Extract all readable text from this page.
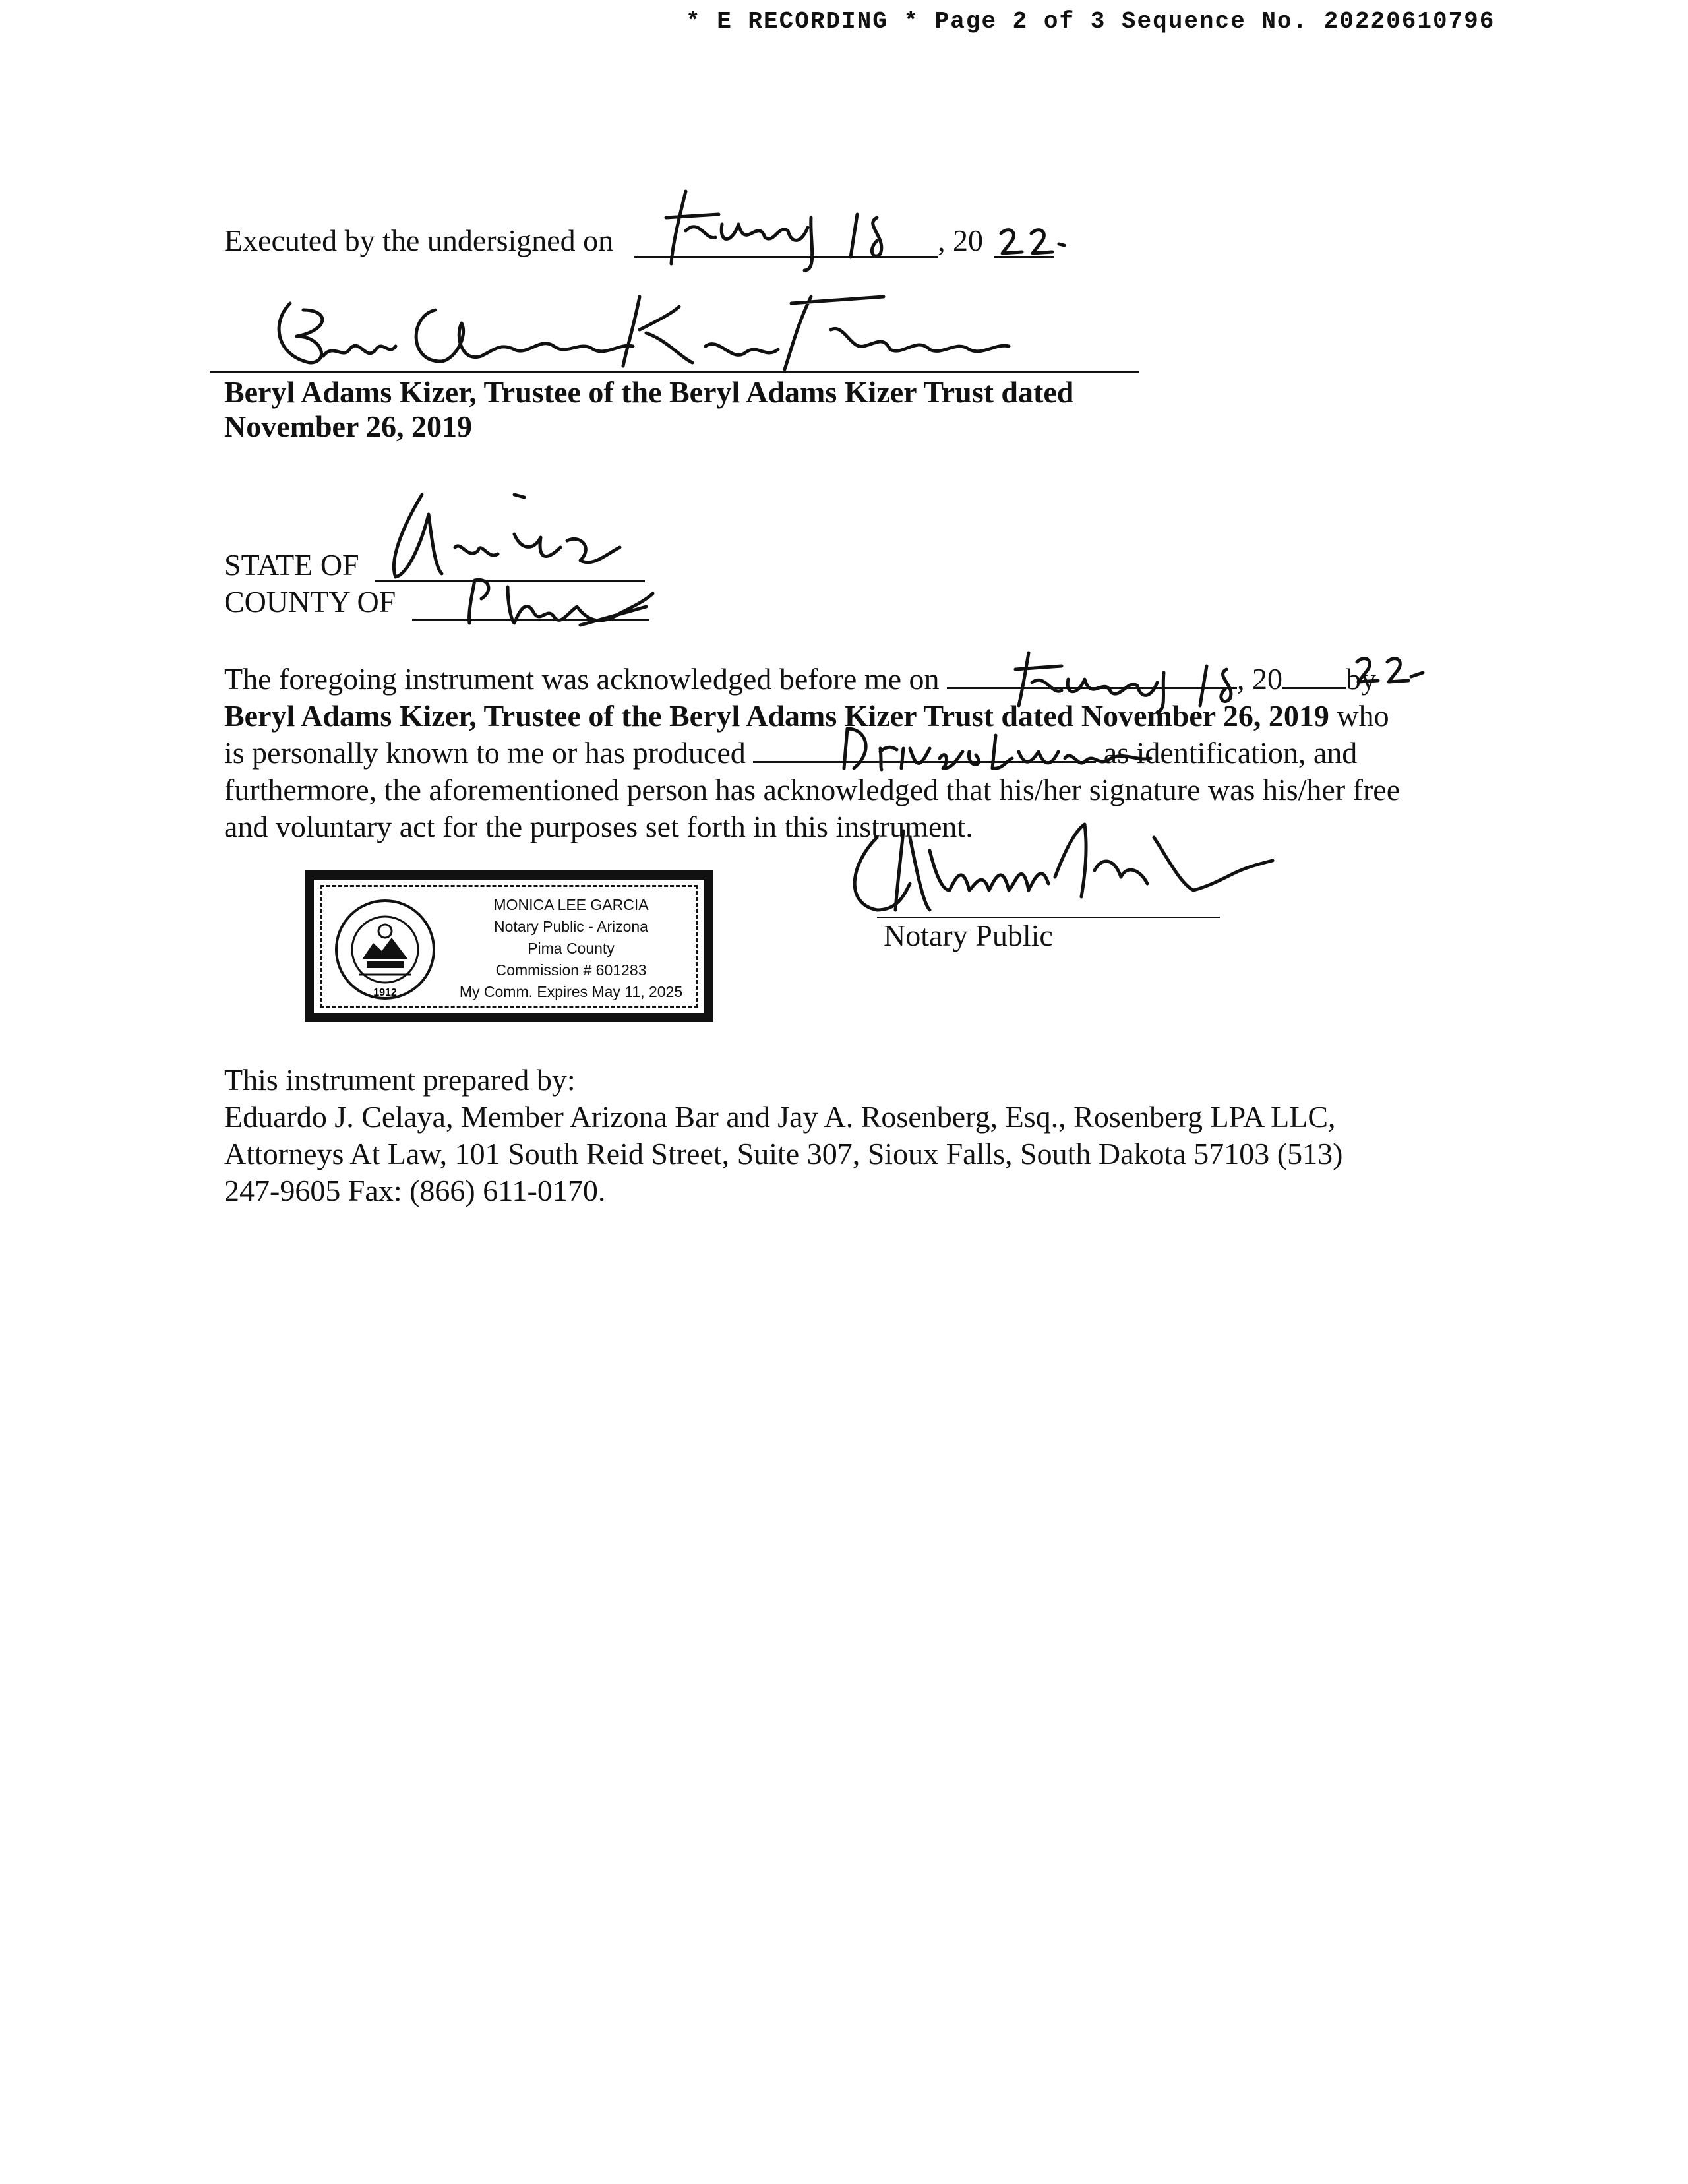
* E RECORDING * Page 2 of 3 Sequence No. 20220610796
Executed by the undersigned on	, 20
Beryl Adams Kizer, Trustee of the Beryl Adams Kizer Trust dated
November 26, 2019
STATE OF
COUNTY OF
The foregoing instrument was acknowledged before me on	, 20 by
Beryl Adams Kizer, Trustee of the Beryl Adams Kizer Trust dated November 26, 2019 who
is personally known to me or has produced	as identification, and
furthermore, the aforementioned person has acknowledged that his/her signature was his/her free
and voluntary act for the purposes set forth in this instrument.
1912
MONICA LEE GARCIA
Notary Public - Arizona
Pima County
Commission # 601283
My Comm. Expires May 11, 2025
Notary Public
This instrument prepared by:
Eduardo J. Celaya, Member Arizona Bar and Jay A. Rosenberg, Esq., Rosenberg LPA LLC,
Attorneys At Law, 101 South Reid Street, Suite 307, Sioux Falls, South Dakota 57103 (513)
247-9605 Fax: (866) 611-0170.
